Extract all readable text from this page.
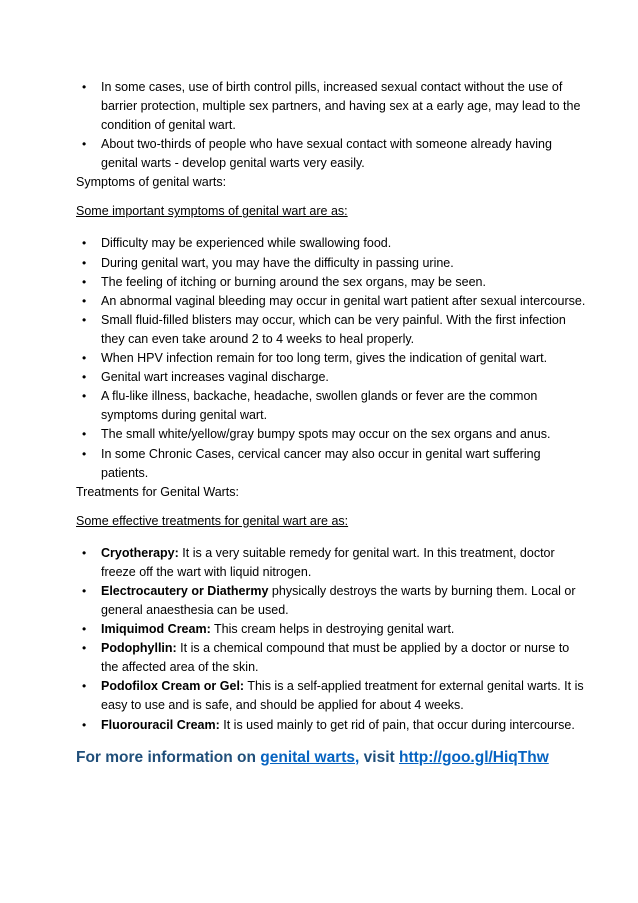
• In some cases, use of birth control pills, increased sexual contact without the use of barrier protection, multiple sex partners, and having sex at a early age, may lead to the condition of genital wart.
• About two-thirds of people who have sexual contact with someone already having genital warts - develop genital warts very easily.

Symptoms of genital warts:

Some important symptoms of genital wart are as:

• Difficulty may be experienced while swallowing food.
• During genital wart, you may have the difficulty in passing urine.
• The feeling of itching or burning around the sex organs, may be seen.
• An abnormal vaginal bleeding may occur in genital wart patient after sexual intercourse.
• Small fluid-filled blisters may occur, which can be very painful. With the first infection they can even take around 2 to 4 weeks to heal properly.
• When HPV infection remain for too long term, gives the indication of genital wart.
• Genital wart increases vaginal discharge.
• A flu-like illness, backache, headache, swollen glands or fever are the common symptoms during genital wart.
• The small white/yellow/gray bumpy spots may occur on the sex organs and anus.
• In some Chronic Cases, cervical cancer may also occur in genital wart suffering patients.

Treatments for Genital Warts:

Some effective treatments for genital wart are as:

• Cryotherapy: It is a very suitable remedy for genital wart. In this treatment, doctor freeze off the wart with liquid nitrogen.
• Electrocautery or Diathermy physically destroys the warts by burning them. Local or general anaesthesia can be used.
• Imiquimod Cream: This cream helps in destroying genital wart.
• Podophyllin: It is a chemical compound that must be applied by a doctor or nurse to the affected area of the skin.
• Podofilox Cream or Gel: This is a self-applied treatment for external genital warts. It is easy to use and is safe, and should be applied for about 4 weeks.
• Fluorouracil Cream: It is used mainly to get rid of pain, that occur during intercourse.
For more information on genital warts, visit http://goo.gl/HiqThw
